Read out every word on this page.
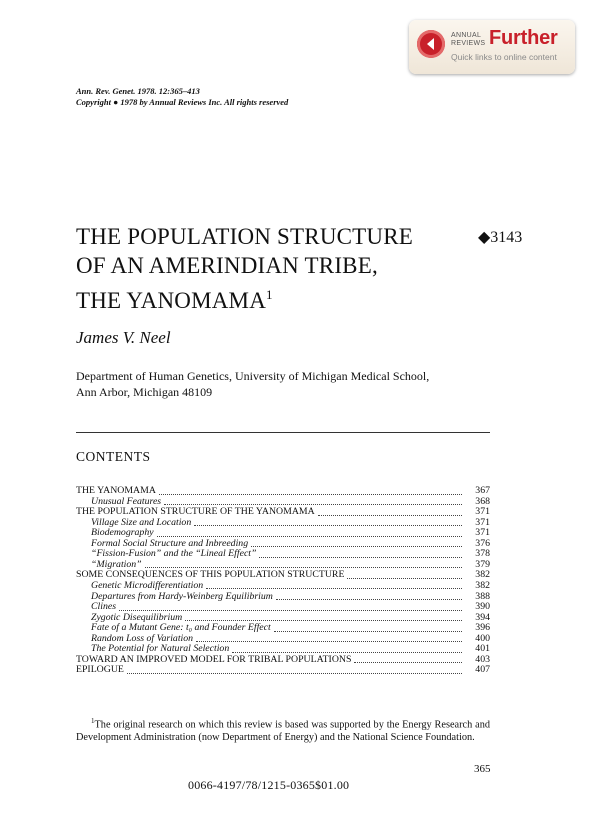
ANNUAL
REVIEWS Further
Quick links to online content
Ann. Rev. Genet. 1978. 12:365–413
Copyright ● 1978 by Annual Reviews Inc. All rights reserved
THE POPULATION STRUCTURE
OF AN AMERINDIAN TRIBE,
THE YANOMAMA$^1$
◆3143
James V. Neel
Department of Human Genetics, University of Michigan Medical School,
Ann Arbor, Michigan 48109
CONTENTS
THE YANOMAMA	367
Unusual Features	368
THE POPULATION STRUCTURE OF THE YANOMAMA	371
Village Size and Location	371
Biodemography	371
Formal Social Structure and Inbreeding	376
“Fission-Fusion” and the “Lineal Effect”	378
“Migration”	379
SOME CONSEQUENCES OF THIS POPULATION STRUCTURE	382
Genetic Microdifferentiation	382
Departures from Hardy-Weinberg Equilibrium	388
Clines	390
Zygotic Disequilibrium	394
Fate of a Mutant Gene: t₀ and Founder Effect	396
Random Loss of Variation	400
The Potential for Natural Selection	401
TOWARD AN IMPROVED MODEL FOR TRIBAL POPULATIONS	403
EPILOGUE	407
$^1$The original research on which this review is based was supported by the Energy Research and Development Administration (now Department of Energy) and the National Science Foundation.
365
0066-4197/78/1215-0365$01.00
